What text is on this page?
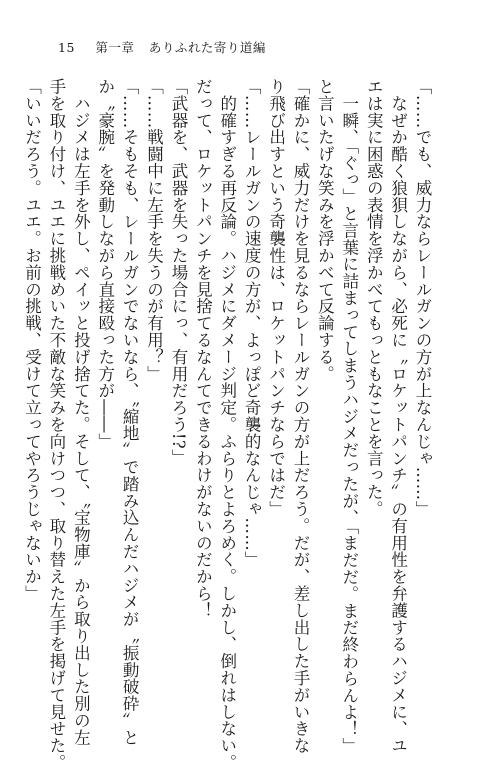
15 第一章 ありふれた寄り道編
「……でも、威力ならレールガンの方が上なんじゃ……」
　なぜか酷く狼狽しながら、必死に〝ロケットパンチ〟の有用性を弁護するハジメに、ユ
エは実に困惑の表情を浮かべてもっともなことを言った。
　一瞬、「ぐっ」と言葉に詰まってしまうハジメだったが、「まだだ。まだ終わらんよ！」
と言いたげな笑みを浮かべて反論する。
「確かに、威力だけを見るならレールガンの方が上だろう。だが、差し出した手がいきな
り飛び出すという奇襲性は、ロケットパンチならではだ」
「……レールガンの速度の方が、よっぽど奇襲的なんじゃ……」
　的確すぎる再反論。ハジメにダメージ判定。ふらりとよろめく。しかし、倒れはしない。
だって、ロケットパンチを見捨てるなんてできるわけがないのだから！
「武器を、武器を失った場合にっ、有用だろう!?」
「……戦闘中に左手を失うのが有用？」
「……そもそも、レールガンでないなら、〝縮地〟で踏み込んだハジメが〝振動破砕〟と
か〝豪腕〟を発動しながら直接殴った方が――」
　ハジメは左手を外し、ペイッと投げ捨てた。そして、〝宝物庫〟から取り出した別の左
手を取り付け、ユエに挑戦めいた不敵な笑みを向けつつ、取り替えた左手を掲げて見せた。
「いいだろう。ユエ。お前の挑戦、受けて立ってやろうじゃないか」
